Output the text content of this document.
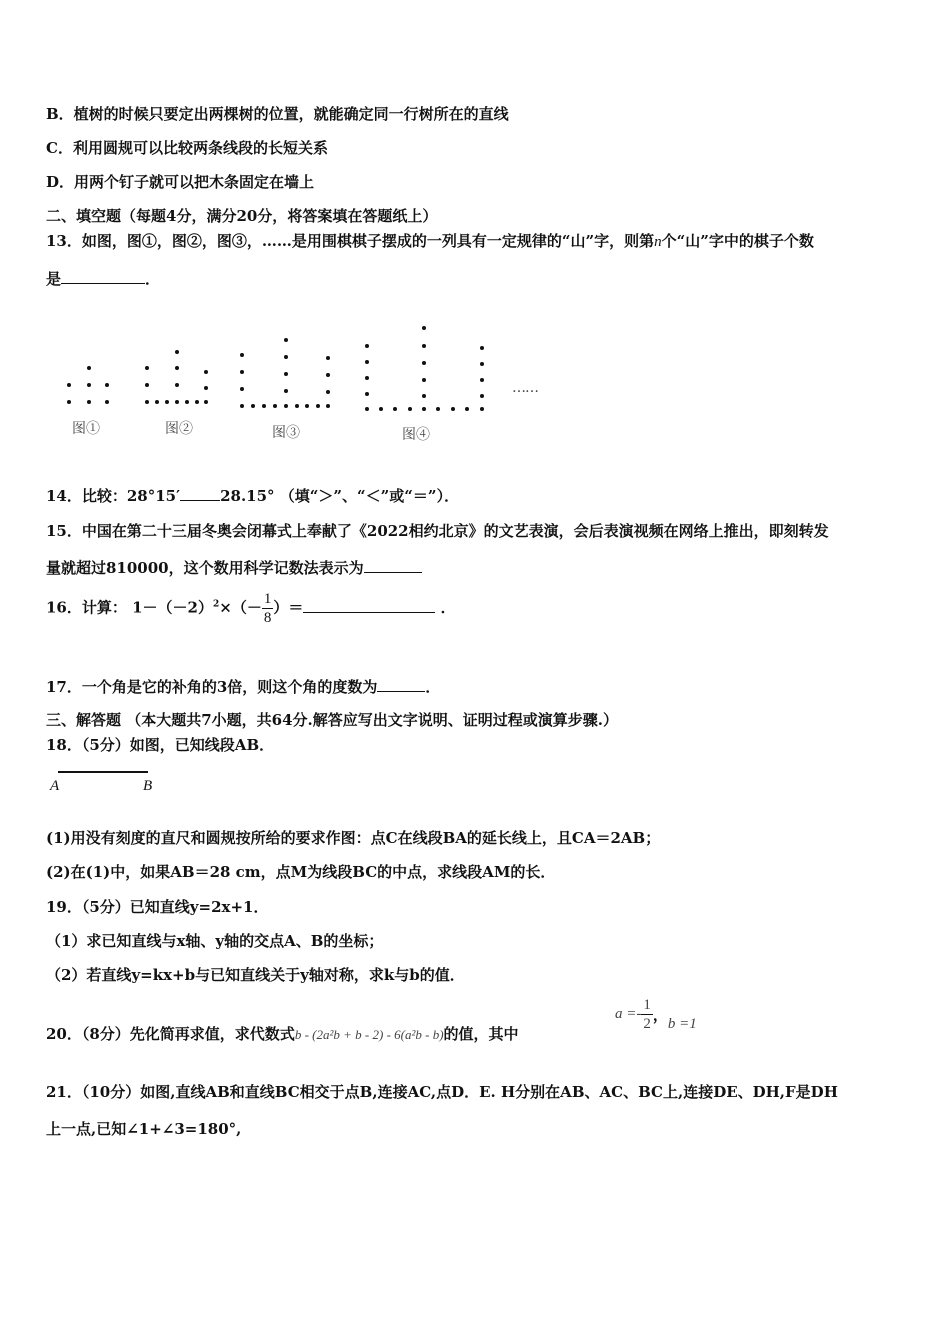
B．植树的时候只要定出两棵树的位置，就能确定同一行树所在的直线
C．利用圆规可以比较两条线段的长短关系
D．用两个钉子就可以把木条固定在墙上
二、填空题（每题4分，满分20分，将答案填在答题纸上）
13．如图，图①，图②，图③，……是用围棋棋子摆成的一列具有一定规律的“山”字，则第n个“山”字中的棋子个数
是	．
……
图①	图②	图③	图④
14．比较：28°15′	28.15° （填“＞”、“＜”或“＝”）．
15．中国在第二十三届冬奥会闭幕式上奉献了《2022相约北京》的文艺表演，会后表演视频在网络上推出，即刻转发
量就超过810000，这个数用科学记数法表示为
16．计算： $1-(-2)^2\times(- \frac{1}{8}$ ）＝	．
17．一个角是它的补角的3倍，则这个角的度数为	．
三、解答题 （本大题共7小题，共64分.解答应写出文字说明、证明过程或演算步骤.）
18．（5分）如图，已知线段AB．
A	B
(1)用没有刻度的直尺和圆规按所给的要求作图：点C在线段BA的延长线上，且CA＝2AB；
(2)在(1)中，如果AB＝28 cm，点M为线段BC的中点，求线段AM的长．
19．（5分）已知直线y=2x+1．
（1）求已知直线与x轴、y轴的交点A、B的坐标；
（2）若直线y=kx+b与已知直线关于y轴对称，求k与b的值．
20．（8分）先化简再求值，求代数式b - (2a²b + b - 2) - 6(a²b - b)的值，其中
$a =- \frac{1}{2}$ ，b =1
21．（10分）如图,直线AB和直线BC相交于点B,连接AC,点D．E. H分别在AB、AC、BC上,连接DE、DH,F是DH
上一点,已知∠1+∠3=180°,
